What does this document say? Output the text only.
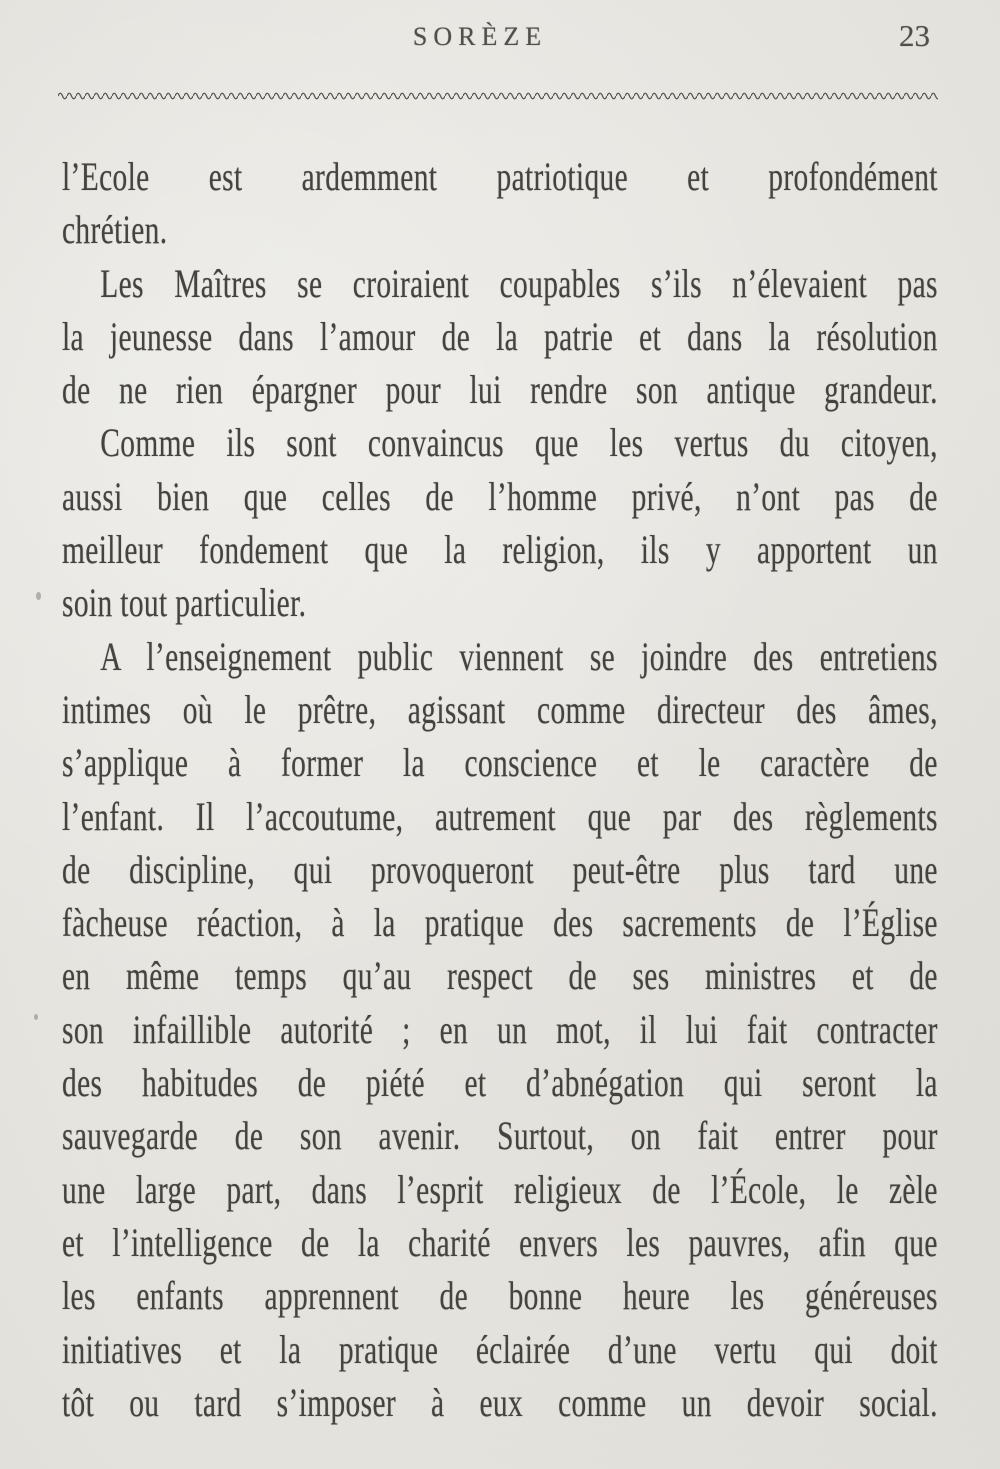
SORÈZE	23
l’Ecole est ardemment patriotique et profondément
chrétien.
Les Maîtres se croiraient coupables s’ils n’élevaient pas
la jeunesse dans l’amour de la patrie et dans la résolution
de ne rien épargner pour lui rendre son antique grandeur.
Comme ils sont convaincus que les vertus du citoyen,
aussi bien que celles de l’homme privé, n’ont pas de
meilleur fondement que la religion, ils y apportent un
soin tout particulier.
A l’enseignement public viennent se joindre des entretiens
intimes où le prêtre, agissant comme directeur des âmes,
s’applique à former la conscience et le caractère de
l’enfant. Il l’accoutume, autrement que par des règlements
de discipline, qui provoqueront peut-être plus tard une
fàcheuse réaction, à la pratique des sacrements de l’Église
en même temps qu’au respect de ses ministres et de
son infaillible autorité ; en un mot, il lui fait contracter
des habitudes de piété et d’abnégation qui seront la
sauvegarde de son avenir. Surtout, on fait entrer pour
une large part, dans l’esprit religieux de l’École, le zèle
et l’intelligence de la charité envers les pauvres, afin que
les enfants apprennent de bonne heure les généreuses
initiatives et la pratique éclairée d’une vertu qui doit
tôt ou tard s’imposer à eux comme un devoir social.
